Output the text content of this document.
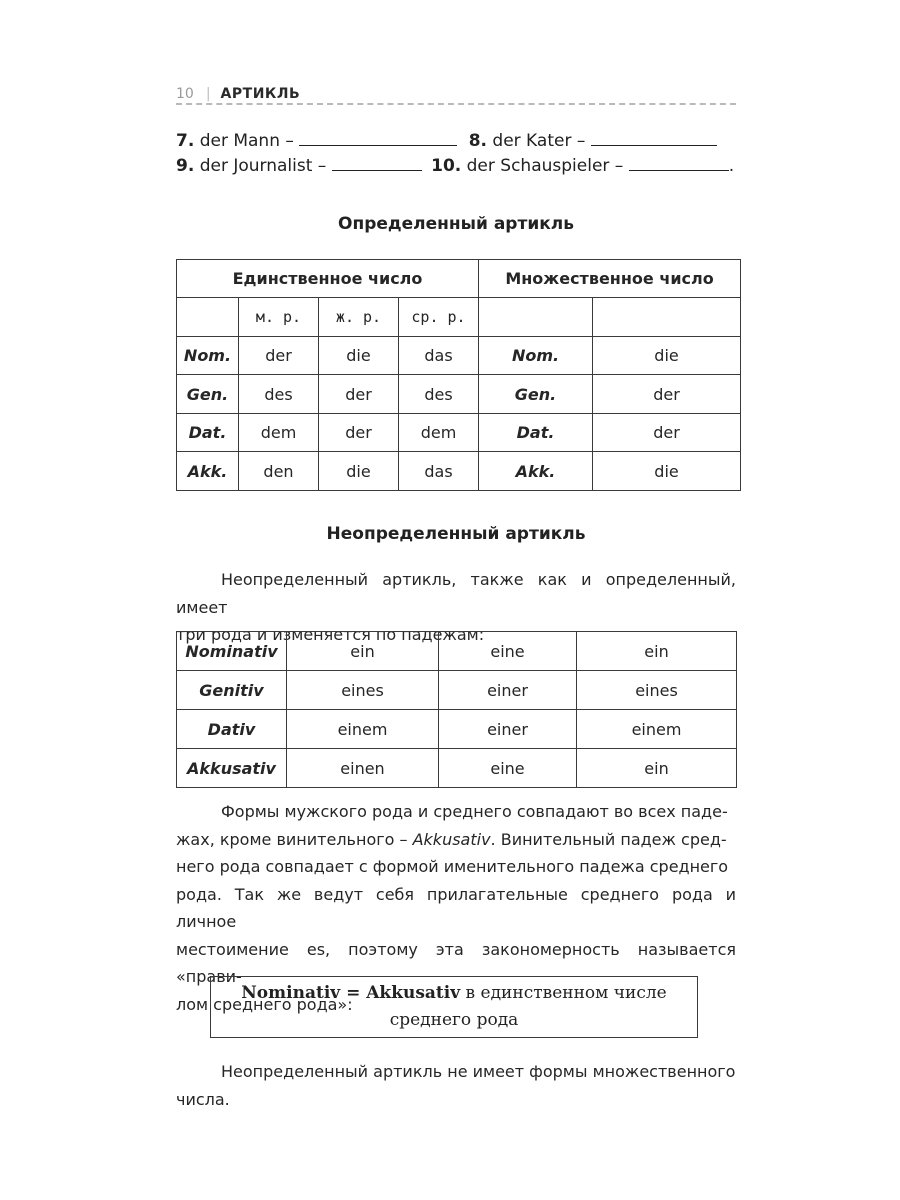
10 | АРТИКЛЬ
7. der Mann –	8. der Kater –
9. der Journalist –	10. der Schauspieler –	.
Определенный артикль
Единственное число				Множественное число	
	м. р.	ж. р.	ср. р.		
Nom.	der	die	das	Nom.	die
Gen.	des	der	des	Gen.	der
Dat.	dem	der	dem	Dat.	der
Akk.	den	die	das	Akk.	die
Неопределенный артикль

Неопределенный артикль, также как и определенный, имеет
три рода и изменяется по падежам:

Nominativ	ein	eine	ein
Genitiv	eines	einer	eines
Dativ	einem	einer	einem
Akkusativ	einen	eine	ein

Формы мужского рода и среднего совпадают во всех паде-
жах, кроме винительного – Akkusativ. Винительный падеж сред-
него рода совпадает с формой именительного падежа среднего
рода. Так же ведут себя прилагательные среднего рода и личное
местоимение es, поэтому эта закономерность называется «прави-
лом среднего рода»:

Nominativ = Akkusativ в единственном числе
среднего рода

Неопределенный артикль не имеет формы множественного
числа.
